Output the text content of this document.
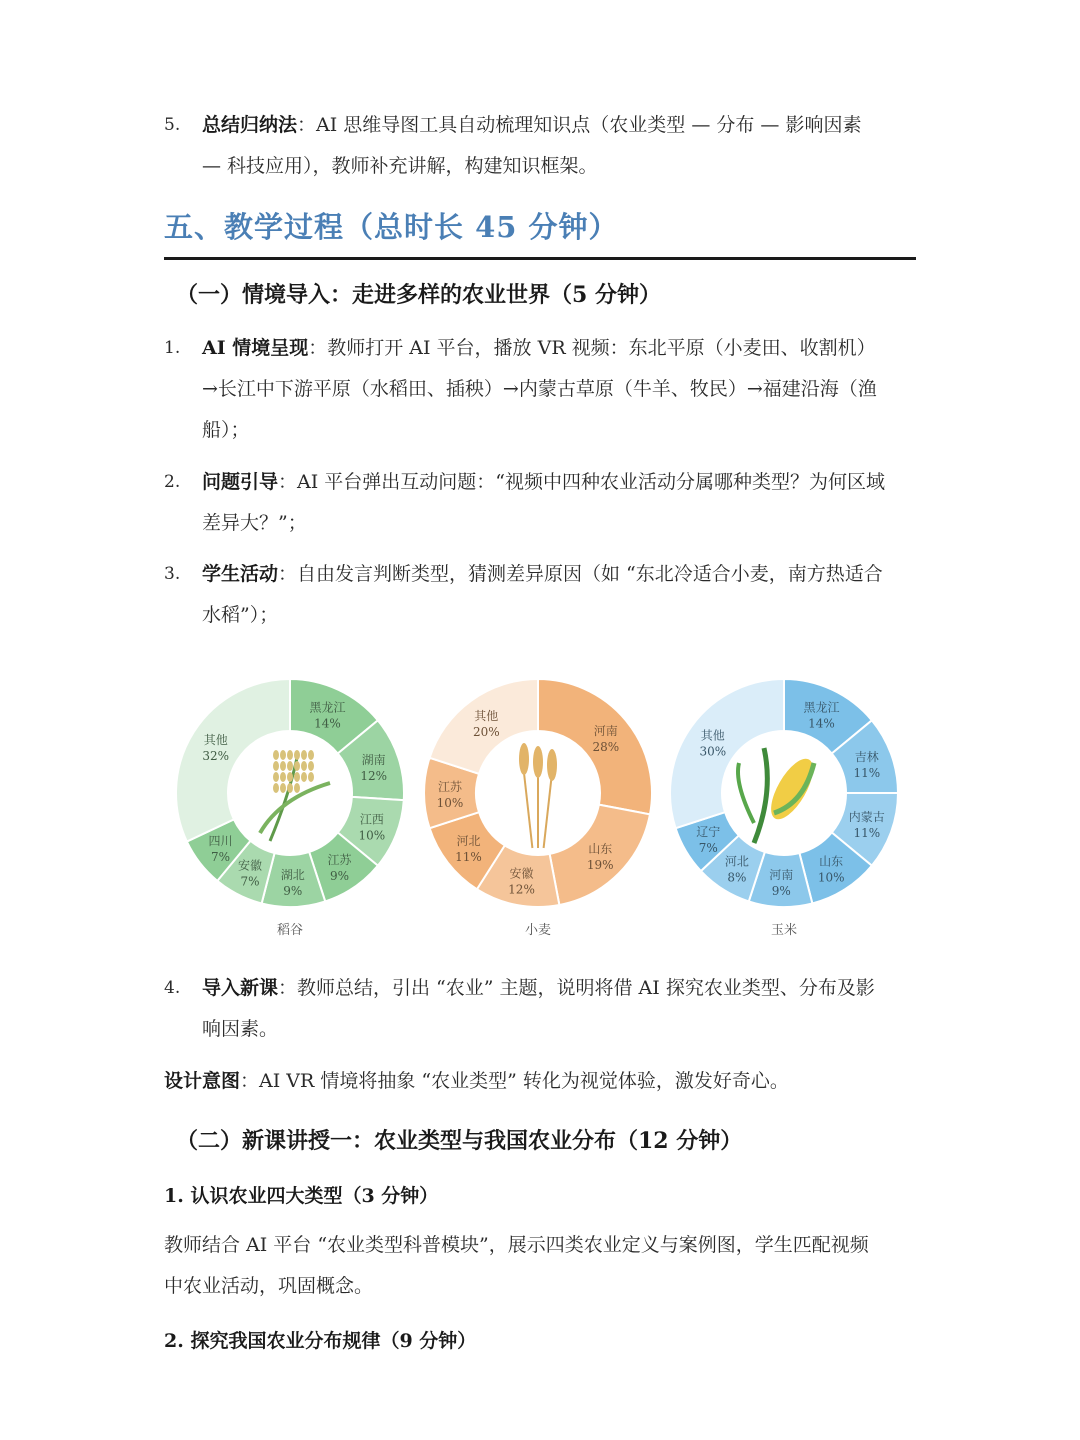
5.	总结归纳法：AI 思维导图工具自动梳理知识点（农业类型 — 分布 — 影响因素
— 科技应用），教师补充讲解，构建知识框架。
五、教学过程（总时长 45 分钟）
（一）情境导入：走进多样的农业世界（5 分钟）
1.	AI 情境呈现：教师打开 AI 平台，播放 VR 视频：东北平原（小麦田、收割机）
→长江中下游平原（水稻田、插秧）→内蒙古草原（牛羊、牧民）→福建沿海（渔
船）；
2.	问题引导：AI 平台弹出互动问题：“视频中四种农业活动分属哪种类型？为何区域
差异大？”；
3.	学生活动：自由发言判断类型，猜测差异原因（如 “东北冷适合小麦，南方热适合
水稻”）；
黑龙江
14%
湖南
12%
江西
10%
江苏
9%
湖北
9%
安徽
7%
四川
7%
其他
32%
稻谷
河南
28%
山东
19%
安徽
12%
河北
11%
江苏
10%
其他
20%
小麦
黑龙江
14%
吉林
11%
内蒙古
11%
山东
10%
河南
9%
河北
8%
辽宁
7%
其他
30%
玉米
4.	导入新课：教师总结，引出 “农业” 主题，说明将借 AI 探究农业类型、分布及影
响因素。
设计意图：AI VR 情境将抽象 “农业类型” 转化为视觉体验，激发好奇心。
（二）新课讲授一：农业类型与我国农业分布（12 分钟）
1. 认识农业四大类型（3 分钟）
教师结合 AI 平台 “农业类型科普模块”，展示四类农业定义与案例图，学生匹配视频
中农业活动，巩固概念。
2. 探究我国农业分布规律（9 分钟）
